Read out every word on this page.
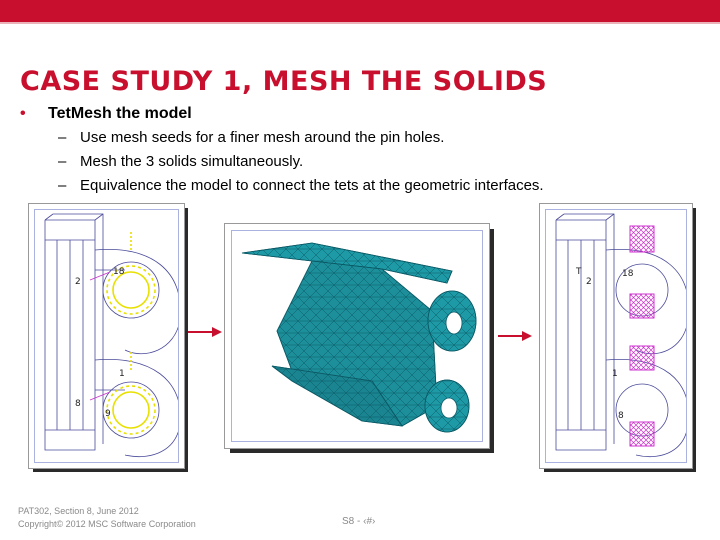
CASE STUDY 1, MESH THE SOLIDS
• TetMesh the model
– Use mesh seeds for a finer mesh around the pin holes.
– Mesh the 3 solids simultaneously.
– Equivalence the model to connect the tets at the geometric interfaces.
18
2
1
9
8
18
2
1
8
T
PAT302, Section 8, June 2012
Copyright© 2012 MSC Software Corporation	S8 - ‹#›
